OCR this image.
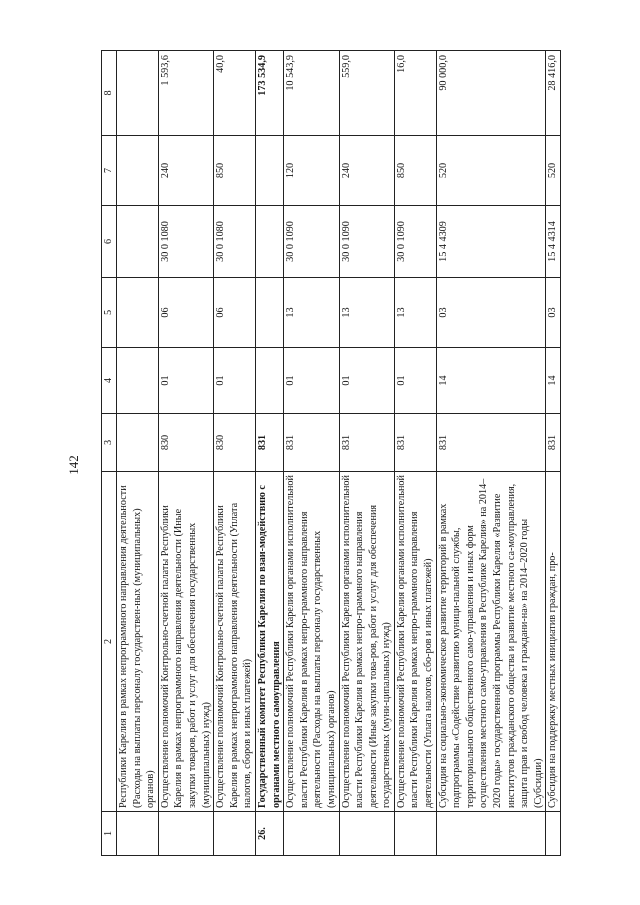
142
1	2	3	4	5	6	7	8
	Республики Карелия в рамках непрограммного направления деятельности (Расходы на выплаты персоналу государствен-ных (муниципальных) органов)						
	Осуществление полномочий Контрольно-счетной палаты Республики Карелия в рамках непрограммного направления деятельности (Иные закупки товаров, работ и услуг для обеспечения государственных (муниципальных) нужд)	830	01	06	30 0 1080	240	1 593,6
	Осуществление полномочий Контрольно-счетной палаты Республики Карелия в рамках непрограммного направления деятельности (Уплата налогов, сборов и иных платежей)	830	01	06	30 0 1080	850	40,0
26.	Государственный комитет Республики Карелия по взаи-модействию с органами местного самоуправления	831					173 534,9
	Осуществление полномочий Республики Карелия органами исполнительной власти Республики Карелия в рамках непро-граммного направления деятельности (Расходы на выплаты персоналу государственных (муниципальных) органов)	831	01	13	30 0 1090	120	10 543,9
	Осуществление полномочий Республики Карелия органами исполнительной власти Республики Карелия в рамках непро-граммного направления деятельности (Иные закупки това-ров, работ и услуг для обеспечения государственных (муни-ципальных) нужд)	831	01	13	30 0 1090	240	559,0
	Осуществление полномочий Республики Карелия органами исполнительной власти Республики Карелия в рамках непро-граммного направления деятельности (Уплата налогов, сбо-ров и иных платежей)	831	01	13	30 0 1090	850	16,0
	Субсидия на социально-экономическое развитие территорий в рамках подпрограммы «Содействие развитию муници-пальной службы, территориального общественного само-управления и иных форм осуществления местного само-управления в Республике Карелия» на 2014–2020 годы» государственной программы Республики Карелия «Развитие институтов гражданского общества и развитие местного са-моуправления, защита прав и свобод человека и граждани-на» на 2014–2020 годы (Субсидии)	831	14	03	15 4 4309	520	90 000,0
	Субсидия на поддержку местных инициатив граждан, про-	831	14	03	15 4 4314	520	28 416,0
